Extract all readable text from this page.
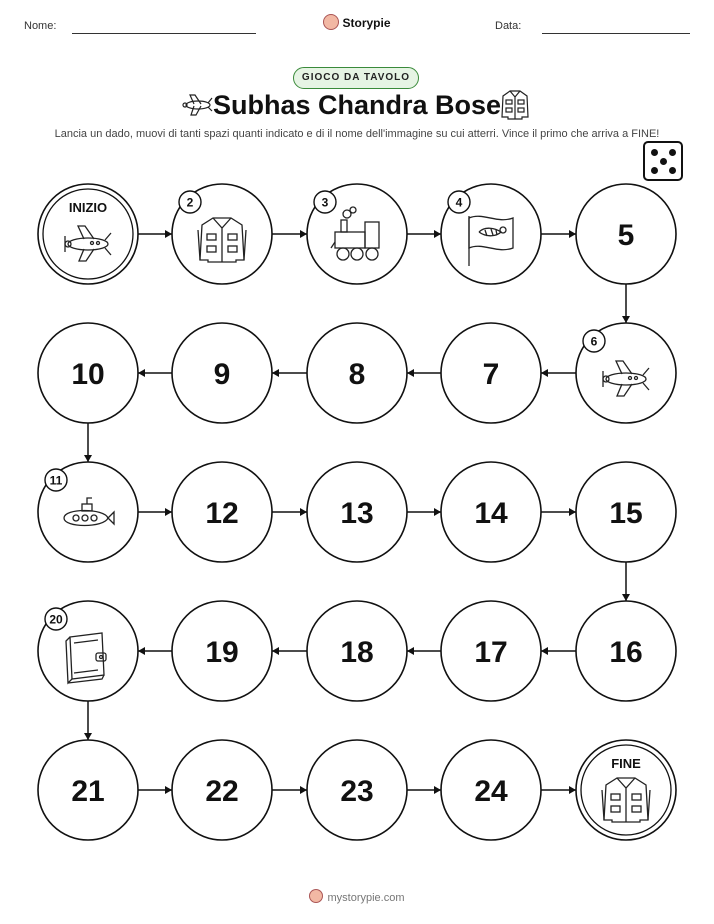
Nome:	Storypie	Data:
GIOCO DA TAVOLO
Subhas Chandra Bose
Lancia un dado, muovi di tanti spazi quanti indicato e di il nome dell'immagine su cui atterri. Vince il primo che arriva a FINE!
INIZIO	2	3	4
5
6
7
8
9
10
11
12	13	14	15
16
17
18
19
20
21	22	23	24
FINE
mystorypie.com
